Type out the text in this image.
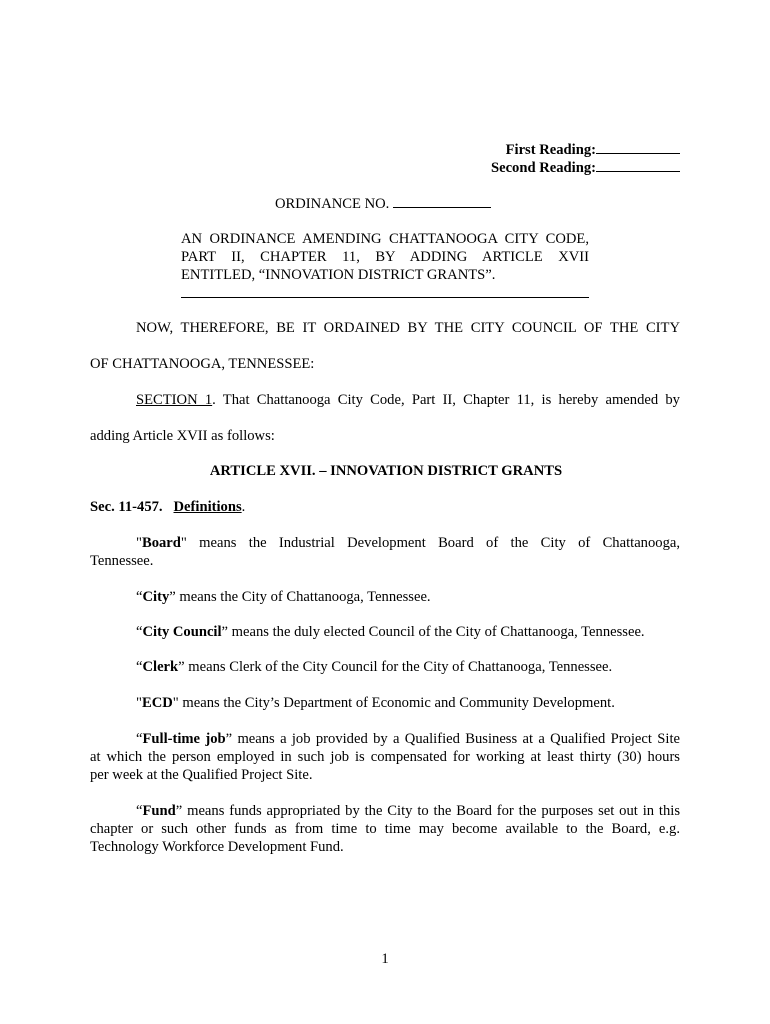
First Reading:
Second Reading:
ORDINANCE NO.
AN ORDINANCE AMENDING CHATTANOOGA CITY CODE,
PART II, CHAPTER 11, BY ADDING ARTICLE XVII
ENTITLED, “INNOVATION DISTRICT GRANTS”.
NOW, THEREFORE, BE IT ORDAINED BY THE CITY COUNCIL OF THE CITY
OF CHATTANOOGA, TENNESSEE:
SECTION 1. That Chattanooga City Code, Part II, Chapter 11, is hereby amended by
adding Article XVII as follows:
ARTICLE XVII. – INNOVATION DISTRICT GRANTS
Sec. 11-457. Definitions.
"Board" means the Industrial Development Board of the City of Chattanooga,
Tennessee.
“City” means the City of Chattanooga, Tennessee.
“City Council” means the duly elected Council of the City of Chattanooga, Tennessee.
“Clerk” means Clerk of the City Council for the City of Chattanooga, Tennessee.
"ECD" means the City’s Department of Economic and Community Development.
“Full-time job” means a job provided by a Qualified Business at a Qualified Project Site
at which the person employed in such job is compensated for working at least thirty (30) hours
per week at the Qualified Project Site.
“Fund” means funds appropriated by the City to the Board for the purposes set out in this
chapter or such other funds as from time to time may become available to the Board, e.g.
Technology Workforce Development Fund.
1
